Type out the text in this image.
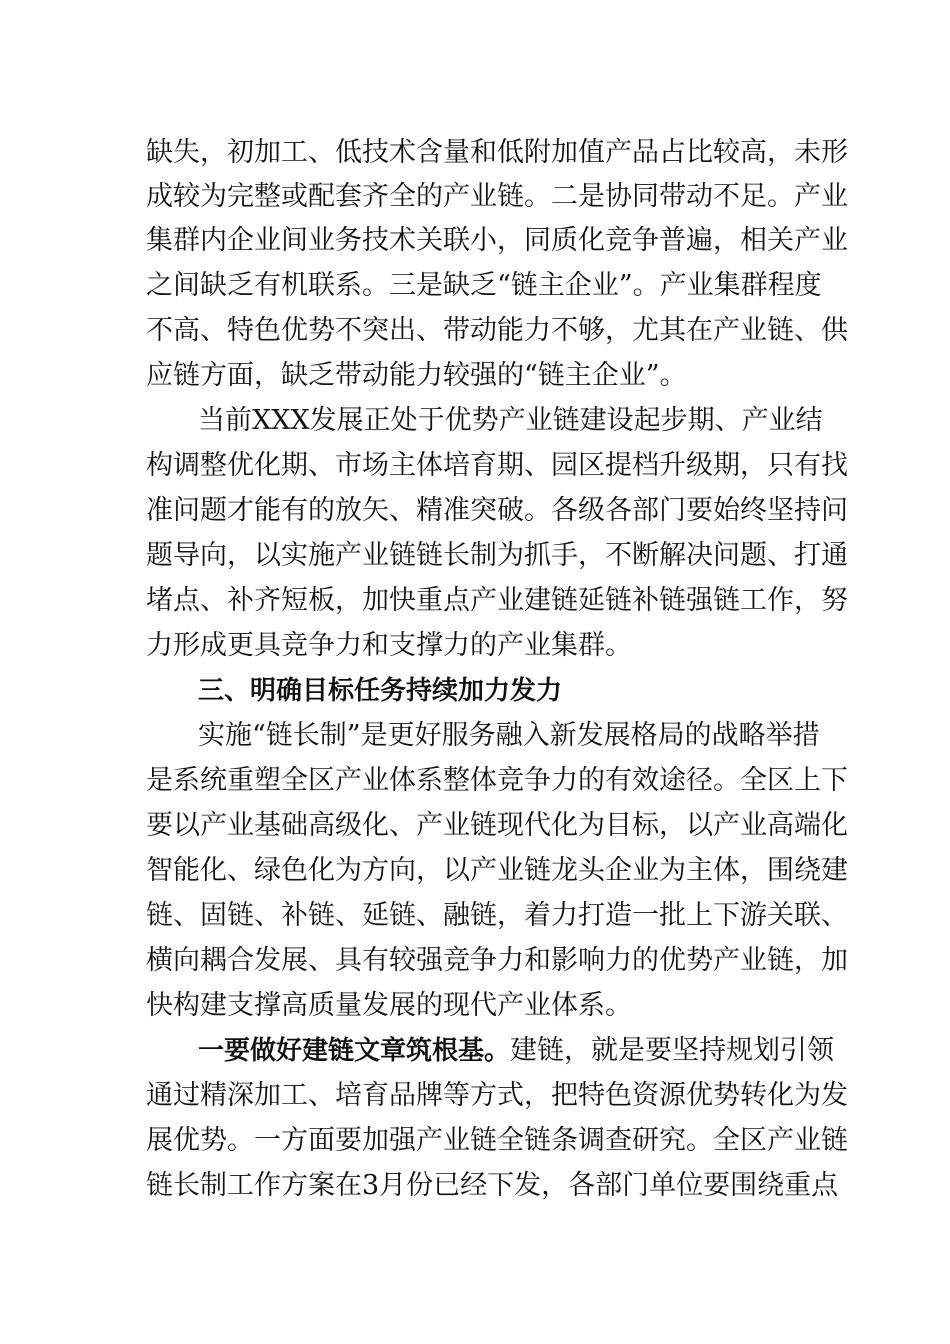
缺失，初加工、低技术含量和低附加值产品占比较高，未形
成较为完整或配套齐全的产业链。二是协同带动不足。产业
集群内企业间业务技术关联小，同质化竞争普遍，相关产业
之间缺乏有机联系。三是缺乏“链主企业”。产业集群程度
不高、特色优势不突出、带动能力不够，尤其在产业链、供
应链方面，缺乏带动能力较强的“链主企业”。
当前XXX发展正处于优势产业链建设起步期、产业结
构调整优化期、市场主体培育期、园区提档升级期，只有找
准问题才能有的放矢、精准突破。各级各部门要始终坚持问
题导向，以实施产业链链长制为抓手，不断解决问题、打通
堵点、补齐短板，加快重点产业建链延链补链强链工作，努
力形成更具竞争力和支撑力的产业集群。
三、明确目标任务持续加力发力
实施“链长制”是更好服务融入新发展格局的战略举措
是系统重塑全区产业体系整体竞争力的有效途径。全区上下
要以产业基础高级化、产业链现代化为目标，以产业高端化
智能化、绿色化为方向，以产业链龙头企业为主体，围绕建
链、固链、补链、延链、融链，着力打造一批上下游关联、
横向耦合发展、具有较强竞争力和影响力的优势产业链，加
快构建支撑高质量发展的现代产业体系。
一要做好建链文章筑根基。建链，就是要坚持规划引领
通过精深加工、培育品牌等方式，把特色资源优势转化为发
展优势。一方面要加强产业链全链条调查研究。全区产业链
链长制工作方案在3月份已经下发，各部门单位要围绕重点
